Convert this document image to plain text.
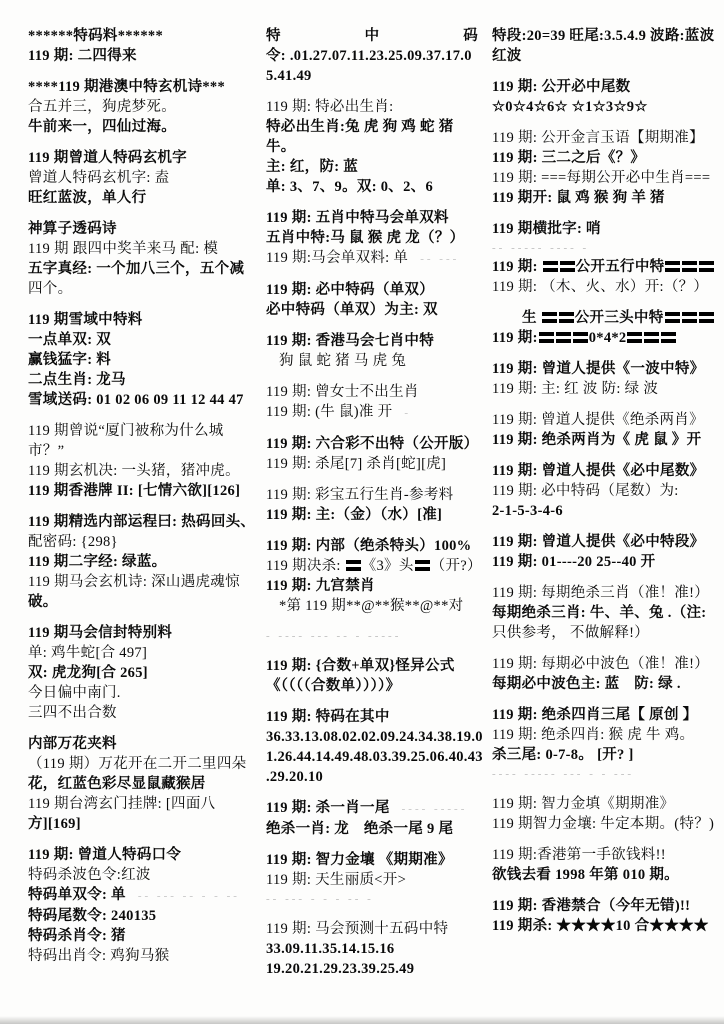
******特码料******
119 期: 二四得来
****119 期港澳中特玄机诗***
合五并三，狗虎梦死。
牛前来一，四仙过海。
119 期曾道人特码玄机字
曾道人特码玄机字: 盍
旺红蓝波，单人行
神算子透码诗
119 期 跟四中奖羊来马 配: 模
五字真经: 一个加八三个，五个减
四个。
119 期雪域中特料
一点单双: 双
赢钱猛字: 料
二点生肖: 龙马
雪域送码: 01 02 06 09 11 12 44 47
119 期曾说“厦门被称为什么城
市？”
119 期玄机决: 一头猪，猪冲虎。
119 期香港牌 II: [七情六欲][126]
119 期精选内部运程曰: 热码回头、
配密码: {298}
119 期二字经: 绿蓝。
119 期马会玄机诗: 深山遇虎魂惊
破。
119 期马会信封特别料
单: 鸡牛蛇[合 497]
双: 虎龙狗[合 265]
今日偏中南门.
三四不出合数
内部万花夹料
（119 期）万花开在二开二里四朵
花，红蓝色彩尽显鼠藏猴居
119 期台湾玄门挂牌: [四面八
方][169]
119 期: 曾道人特码口令
特码杀波色令:红波
特码单双令: 单 -- --- -- - - --
特码尾数令: 240135
特码杀肖令: 猪
特码出肖令: 鸡狗马猴
特	中	码
令: .01.27.07.11.23.25.09.37.17.0
5.41.49
119 期: 特必出生肖:
特必出生肖:兔 虎 狗 鸡 蛇 猪
牛。
主: 红，防: 蓝
单: 3、7、9。双: 0、2、6
119 期: 五肖中特马会单双料
五肖中特:马 鼠 猴 虎 龙（？）
119 期:马会单双料: 单 -- ---
119 期: 必中特码（单双）
必中特码（单双）为主: 双
119 期: 香港马会七肖中特
狗 鼠 蛇 猪 马 虎 兔
119 期: 曾女士不出生肖
119 期: (牛 鼠)准 开 -
119 期: 六合彩不出特（公开版）
119 期: 杀尾[7] 杀肖[蛇][虎]
119 期: 彩宝五行生肖-参考料
119 期: 主:（金）（水）[准]
119 期: 内部（绝杀特头）100%
119 期决杀: 《3》头 （开?）
119 期: 九宫禁肖
*第 119 期**@**猴**@**对
- ---- --- -- - -----
119 期: {合数+单双}怪异公式
《（（（（合数单））））》
119 期: 特码在其中
36.33.13.08.02.02.09.24.34.38.19.0
1.26.44.14.49.48.03.39.25.06.40.43
.29.20.10
119 期: 杀一肖一尾 ---- -----
绝杀一肖: 龙　绝杀一尾 9 尾
119 期: 智力金壤 《期期准》
119 期: 天生丽质<开>
-- --- - - - -- -
119 期: 马会预测十五码中特
33.09.11.35.14.15.16
19.20.21.29.23.39.25.49
特段:20=39 旺尾:3.5.4.9 波路:蓝波
红波
119 期: 公开必中尾数
☆0☆4☆6☆ ☆1☆3☆9☆
119 期: 公开金言玉语【期期准】
119 期: 三二之后《？》
119 期: ===每期公开必中生肖===
119 期开: 鼠 鸡 猴 狗 羊 猪
119 期横批字: 哨
-- ----- ---- -
119 期: 公开五行中特
119 期: （木、火、水）开:（？）
生 公开三头中特
119 期:	0*4*2
119 期: 曾道人提供《一波中特》
119 期: 主: 红 波 防: 绿 波
119 期: 曾道人提供《绝杀两肖》
119 期: 绝杀两肖为《 虎 鼠 》开
119 期: 曾道人提供《必中尾数》
119 期: 必中特码（尾数）为:
2-1-5-3-4-6
119 期: 曾道人提供《必中特段》
119 期: 01----20 25--40 开
119 期: 每期绝杀三肖（准！准!）
每期绝杀三肖: 牛、羊、兔 .（注:
只供参考， 不做解释!）
119 期: 每期必中波色（准！准!）
每期必中波色主: 蓝　防: 绿 .
119 期: 绝杀四肖三尾【 原创 】
119 期: 绝杀四肖: 猴 虎 牛 鸡。
杀三尾: 0-7-8。 [开? ]
---- ----- --- - - ---
119 期: 智力金填《期期准》
119 期智力金壤: 牛定本期。(特？)
119 期:香港第一手欲钱料!!
欲钱去看 1998 年第 010 期。
119 期: 香港禁合（今年无错)!!
119 期杀: ★★★★10 合★★★★
